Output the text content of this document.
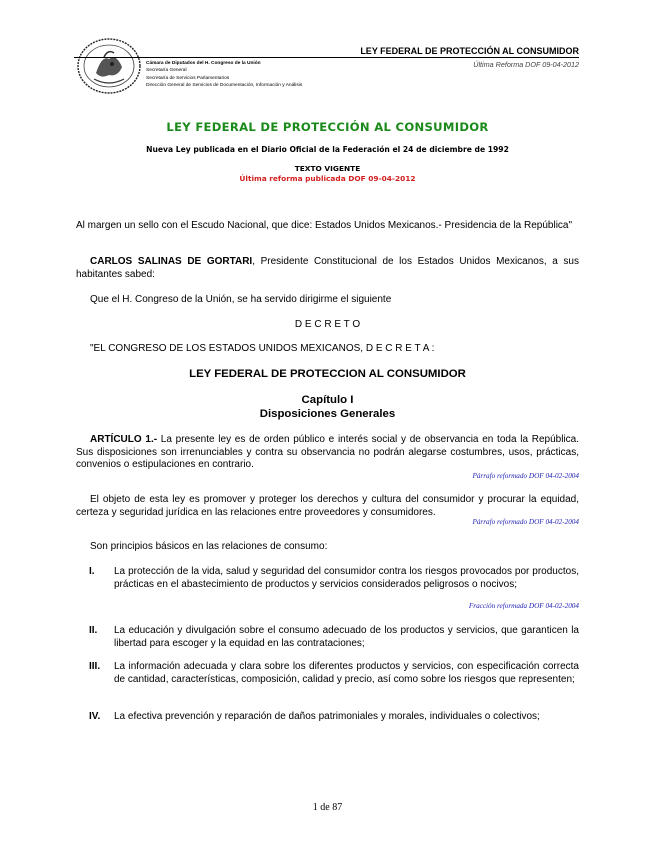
LEY FEDERAL DE PROTECCIÓN AL CONSUMIDOR
Cámara de Diputados del H. Congreso de la Unión
Secretaría General
Secretaría de Servicios Parlamentarios
Dirección General de Servicios de Documentación, Información y Análisis
Última Reforma DOF 09-04-2012
LEY FEDERAL DE PROTECCIÓN AL CONSUMIDOR
Nueva Ley publicada en el Diario Oficial de la Federación el 24 de diciembre de 1992
TEXTO VIGENTE
Última reforma publicada DOF 09-04-2012
Al margen un sello con el Escudo Nacional, que dice: Estados Unidos Mexicanos.- Presidencia de la República"
CARLOS SALINAS DE GORTARI, Presidente Constitucional de los Estados Unidos Mexicanos, a sus habitantes sabed:
Que el H. Congreso de la Unión, se ha servido dirigirme el siguiente
D E C R E T O
"EL CONGRESO DE LOS ESTADOS UNIDOS MEXICANOS, D E C R E T A :
LEY FEDERAL DE PROTECCION AL CONSUMIDOR
Capítulo I
Disposiciones Generales
ARTÍCULO 1.- La presente ley es de orden público e interés social y de observancia en toda la República. Sus disposiciones son irrenunciables y contra su observancia no podrán alegarse costumbres, usos, prácticas, convenios o estipulaciones en contrario.
Párrafo reformado DOF 04-02-2004
El objeto de esta ley es promover y proteger los derechos y cultura del consumidor y procurar la equidad, certeza y seguridad jurídica en las relaciones entre proveedores y consumidores.
Párrafo reformado DOF 04-02-2004
Son principios básicos en las relaciones de consumo:
I. La protección de la vida, salud y seguridad del consumidor contra los riesgos provocados por productos, prácticas en el abastecimiento de productos y servicios considerados peligrosos o nocivos;
Fracción reformada DOF 04-02-2004
II. La educación y divulgación sobre el consumo adecuado de los productos y servicios, que garanticen la libertad para escoger y la equidad en las contrataciones;
III. La información adecuada y clara sobre los diferentes productos y servicios, con especificación correcta de cantidad, características, composición, calidad y precio, así como sobre los riesgos que representen;
IV. La efectiva prevención y reparación de daños patrimoniales y morales, individuales o colectivos;
1 de 87
